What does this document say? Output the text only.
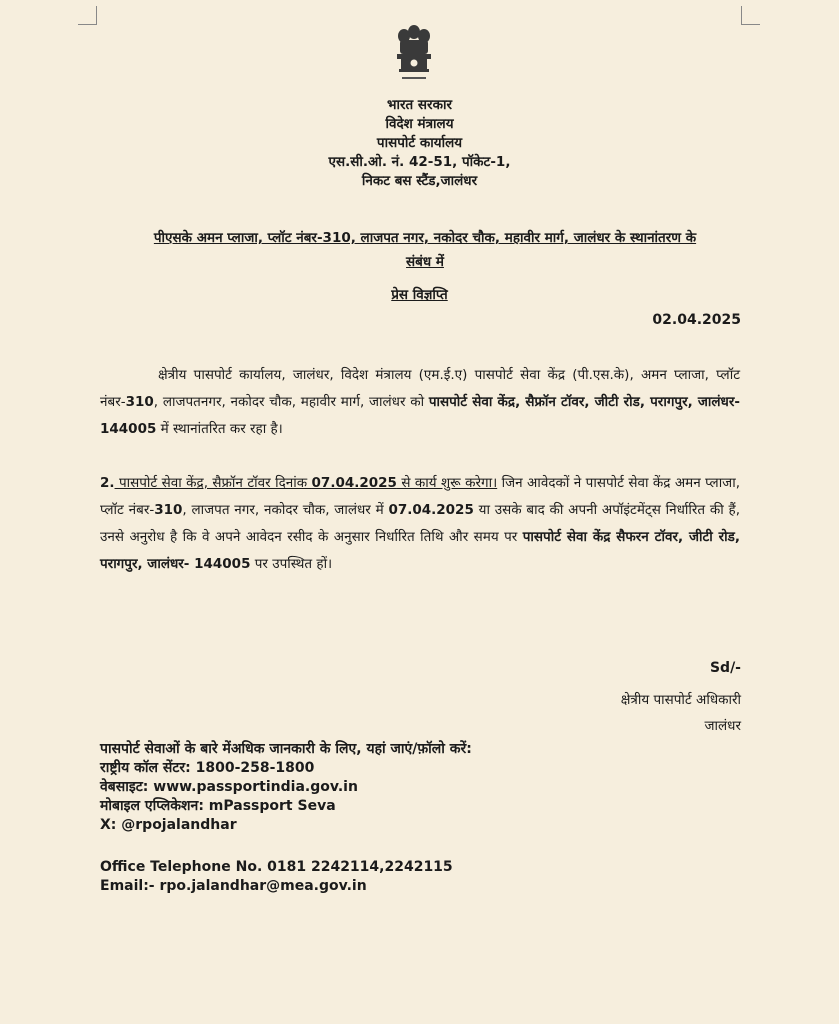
भारत सरकार
विदेश मंत्रालय
पासपोर्ट कार्यालय
एस.सी.ओ. नं. 42-51, पॉकेट-1,
निकट बस स्टैंड,जालंधर
पीएसके अमन प्लाजा, प्लॉट नंबर-310, लाजपत नगर, नकोदर चौक, महावीर मार्ग, जालंधर के स्थानांतरण के
संबंध में
प्रेस विज्ञप्ति
02.04.2025
क्षेत्रीय पासपोर्ट कार्यालय, जालंधर, विदेश मंत्रालय (एम.ई.ए) पासपोर्ट सेवा केंद्र (पी.एस.के), अमन प्लाजा, प्लॉट नंबर-310, लाजपतनगर, नकोदर चौक, महावीर मार्ग, जालंधर को पासपोर्ट सेवा केंद्र, सैफ्रॉन टॉवर, जीटी रोड, परागपुर, जालंधर- 144005 में स्थानांतरित कर रहा है।
2. पासपोर्ट सेवा केंद्र, सैफ्रॉन टॉवर दिनांक 07.04.2025 से कार्य शुरू करेगा। जिन आवेदकों ने पासपोर्ट सेवा केंद्र अमन प्लाजा, प्लॉट नंबर-310, लाजपत नगर, नकोदर चौक, जालंधर में 07.04.2025 या उसके बाद की अपनी अपॉइंटमेंट्स निर्धारित की हैं, उनसे अनुरोध है कि वे अपने आवेदन रसीद के अनुसार निर्धारित तिथि और समय पर पासपोर्ट सेवा केंद्र सैफरन टॉवर, जीटी रोड, परागपुर, जालंधर- 144005 पर उपस्थित हों।
Sd/-
क्षेत्रीय पासपोर्ट अधिकारी
जालंधर
पासपोर्ट सेवाओं के बारे मेंअधिक जानकारी के लिए, यहां जाएं/फ़ॉलो करें:
राष्ट्रीय कॉल सेंटर: 1800-258-1800
वेबसाइट: www.passportindia.gov.in
मोबाइल एप्लिकेशन: mPassport Seva
X: @rpojalandhar
Office Telephone No. 0181 2242114,2242115
Email:- rpo.jalandhar@mea.gov.in
